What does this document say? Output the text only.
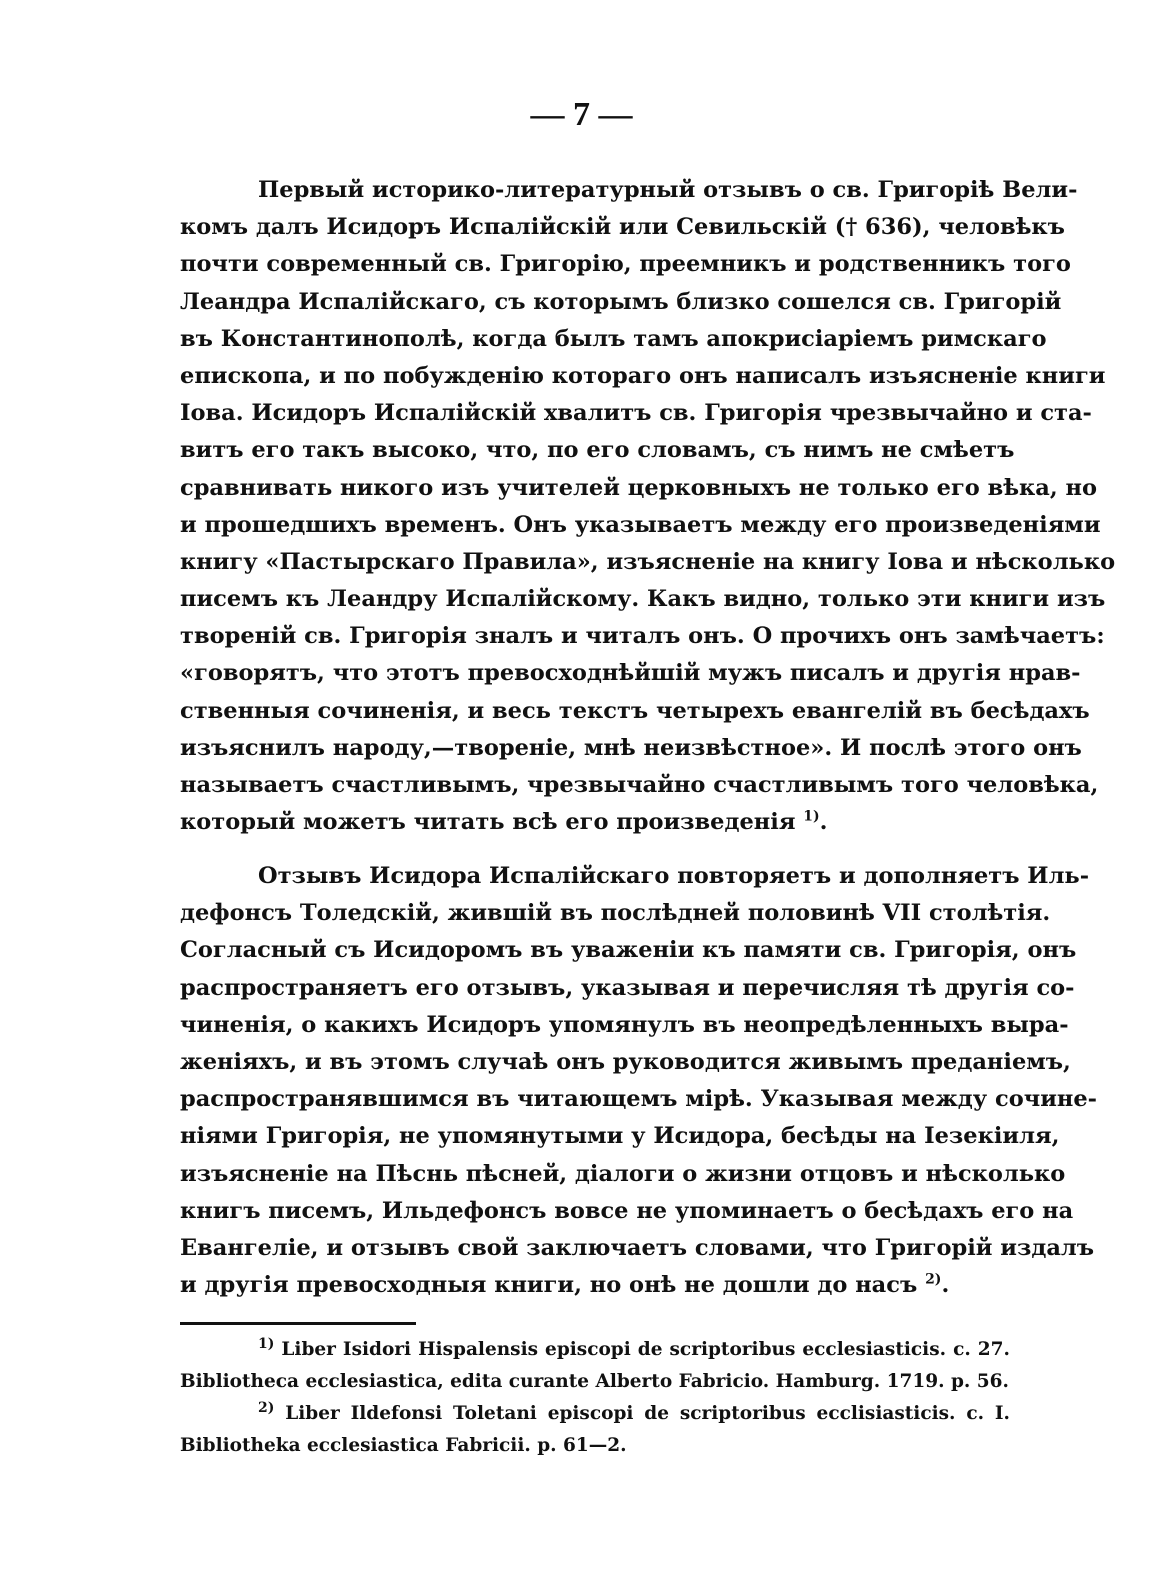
— 7 —
Первый историко-литературный отзывъ о св. Григоріѣ Вели-
комъ далъ Исидоръ Испалійскій или Севильскій († 636), человѣкъ
почти современный св. Григорію, преемникъ и родственникъ того
Леандра Испалійскаго, съ которымъ близко сошелся св. Григорій
въ Константинополѣ, когда былъ тамъ апокрисіаріемъ римскаго
епископа, и по побужденію котораго онъ написалъ изъясненіе книги
Іова. Исидоръ Испалійскій хвалитъ св. Григорія чрезвычайно и ста-
витъ его такъ высоко, что, по его словамъ, съ нимъ не смѣетъ
сравнивать никого изъ учителей церковныхъ не только его вѣка, но
и прошедшихъ временъ. Онъ указываетъ между его произведеніями
книгу «Пастырскаго Правила», изъясненіе на книгу Іова и нѣсколько
писемъ къ Леандру Испалійскому. Какъ видно, только эти книги изъ
твореній св. Григорія зналъ и читалъ онъ. О прочихъ онъ замѣчаетъ:
«говорятъ, что этотъ превосходнѣйшій мужъ писалъ и другія нрав-
ственныя сочиненія, и весь текстъ четырехъ евангелій въ бесѣдахъ
изъяснилъ народу,—твореніе, мнѣ неизвѣстное». И послѣ этого онъ
называетъ счастливымъ, чрезвычайно счастливымъ того человѣка,
который можетъ читать всѣ его произведенія $^{1)}$.
Отзывъ Исидора Испалійскаго повторяетъ и дополняетъ Иль-
дефонсъ Толедскій, жившій въ послѣдней половинѣ VII столѣтія.
Согласный съ Исидоромъ въ уваженіи къ памяти св. Григорія, онъ
распространяетъ его отзывъ, указывая и перечисляя тѣ другія со-
чиненія, о какихъ Исидоръ упомянулъ въ неопредѣленныхъ выра-
женіяхъ, и въ этомъ случаѣ онъ руководится живымъ преданіемъ,
распространявшимся въ читающемъ мірѣ. Указывая между сочине-
ніями Григорія, не упомянутыми у Исидора, бесѣды на Іезекіиля,
изъясненіе на Пѣснь пѣсней, діалоги о жизни отцовъ и нѣсколько
книгъ писемъ, Ильдефонсъ вовсе не упоминаетъ о бесѣдахъ его на
Евангеліе, и отзывъ свой заключаетъ словами, что Григорій издалъ
и другія превосходныя книги, но онѣ не дошли до насъ $^{2)}$.
$^{1)}$ Liber Isidori Hispalensis episcopi de scriptoribus ecclesiasticis. c. 27.
Bibliotheca ecclesiastica, edita curante Alberto Fabricio. Hamburg. 1719. p. 56.
$^{2)}$ Liber Ildefonsi Toletani episcopi de scriptoribus ecclisiasticis. c. I.
Bibliotheka ecclesiastica Fabricii. p. 61—2.
